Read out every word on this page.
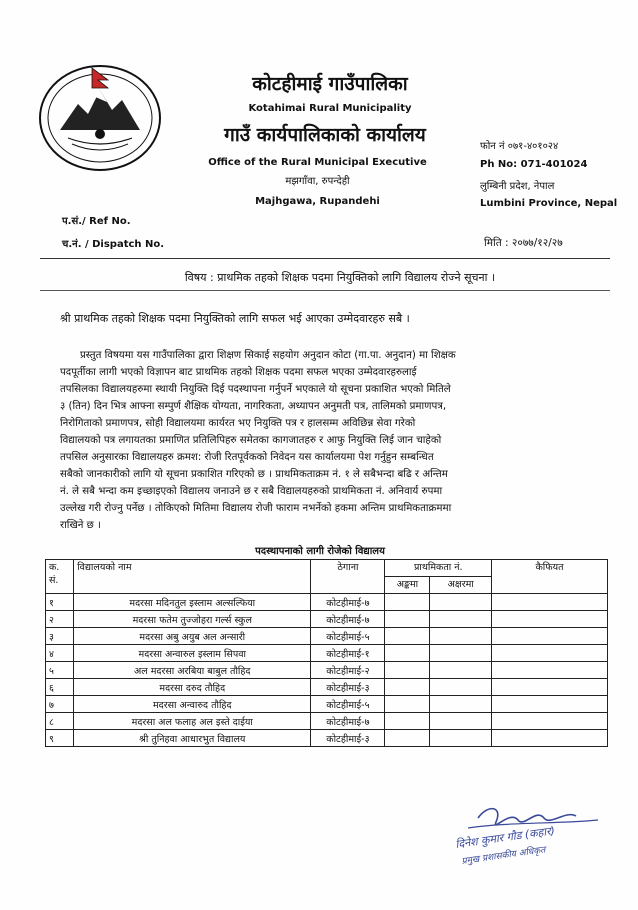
कोटहीमाई गाउँपालिका
Kotahimai Rural Municipality
गाउँ कार्यपालिकाको कार्यालय
Office of the Rural Municipal Executive
मझगाँवा, रुपन्देही
Majhgawa, Rupandehi
फोन नं ०७१-४०१०२४
Ph No: 071-401024
लुम्बिनी प्रदेश, नेपाल
Lumbini Province, Nepal
प.सं./ Ref No.
च.नं. / Dispatch No.	मिति : २०७७/१२/२७
विषय : प्राथमिक तहको शिक्षक पदमा नियुक्तिको लागि विद्यालय रोज्ने सूचना ।
श्री प्राथमिक तहको शिक्षक पदमा नियुक्तिको लागि सफल भई आएका उम्मेदवारहरु सबै ।
प्रस्तुत विषयमा यस गाउँपालिका द्वारा शिक्षण सिकाई सहयोग अनुदान कोटा (गा.पा. अनुदान) मा शिक्षक
पदपूर्तीका लागी भएको विज्ञापन बाट प्राथमिक तहको शिक्षक पदमा सफल भएका उम्मेदवारहरुलाई
तपसिलका विद्यालयहरुमा स्थायी नियुक्ति दिई पदस्थापना गर्नुपर्ने भएकाले यो सूचना प्रकाशित भएको मितिले
३ (तिन) दिन भित्र आफ्ना सम्पुर्ण शैक्षिक योग्यता, नागरिकता, अध्यापन अनुमती पत्र, तालिमको प्रमाणपत्र,
निरोगिताको प्रमाणपत्र, सोही विद्यालयमा कार्यरत भए नियुक्ति पत्र र हालसम्म अविछिन्न सेवा गरेको
विद्यालयको पत्र लगायतका प्रमाणित प्रतिलिपिहरु समेतका कागजातहरु र आफु नियुक्ति लिई जान चाहेको
तपसिल अनुसारका विद्यालयहरु क्रमश: रोजी रितपूर्वकको निवेदन यस कार्यालयमा पेश गर्नुहुन सम्बन्धित
सबैको जानकारीको लागि यो सूचना प्रकाशित गरिएको छ । प्राथमिकताक्रम नं. १ ले सबैभन्दा बढि र अन्तिम
नं. ले सबै भन्दा कम इच्छाइएको विद्यालय जनाउने छ र सबै विद्यालयहरुको प्राथमिकता नं. अनिवार्य रुपमा
उल्लेख गरी रोज्नु पर्नेछ । तोकिएको मितिमा विद्यालय रोजी फाराम नभर्नेको हकमा अन्तिम प्राथमिकताक्रममा
राखिने छ ।
पदस्थापनाको लागी रोजेको विद्यालय
क. सं.	विद्यालयको नाम	ठेगाना	प्राथमिकता नं.		कैफियत
			अङ्कमा	अक्षरमा	
१	मदरसा मदिनतुल इस्लाम अल्सल्फिया	कोटहीमाई-७			
२	मदरसा फतेम तुज्जोहरा गर्ल्स स्कुल	कोटहीमाई-७			
३	मदरसा अबु अयुब अल अन्सारी	कोटहीमाई-५			
४	मदरसा अन्वारुल इस्लाम सिपवा	कोटहीमाई-१			
५	अल मदरसा अरबिया बाबुल तौहिद	कोटहीमाई-२			
६	मदरसा दरुद तौहिद	कोटहीमाई-३			
७	मदरसा अन्वारुद तौहिद	कोटहीमाई-५			
८	मदरसा अल फलाह अल इस्ते दाईया	कोटहीमाई-७			
९	श्री तुनिहवा आधारभुत विद्यालय	कोटहीमाई-३			
दिनेश कुमार गौड (कहार)
प्रमुख प्रशासकीय अधिकृत
